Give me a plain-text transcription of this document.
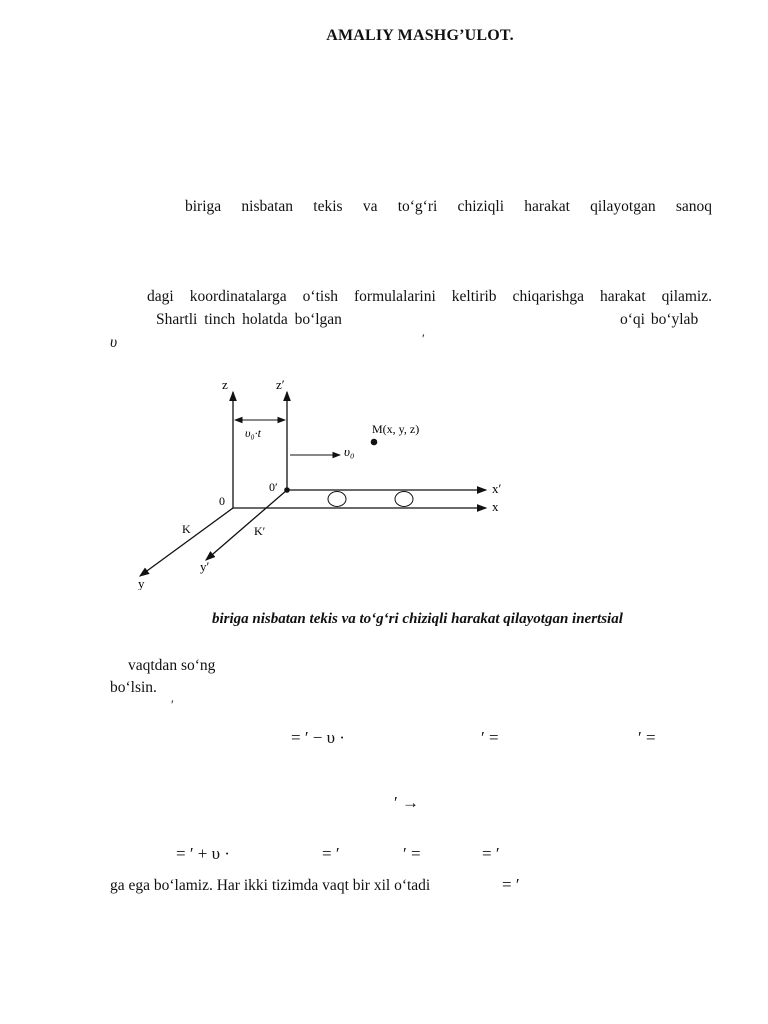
AMALIY MASHG’ULOT.
biriga nisbatan tekis va to‘g‘ri chiziqli harakat qilayotgan sanoq
dagi koordinatalarga o‘tish formulalarini keltirib chiqarishga harakat qilamiz.
Shartli tinch holatda bo‘lgan
′
o‘qi bo‘ylab
υ
z	z′
υ₀·t	M(x, y, z)
υ₀
x′
x
0
0′
K	K′
y
y′
biriga nisbatan tekis va to‘g‘ri chiziqli harakat qilayotgan inertsial
vaqtdan so‘ng
bo‘lsin.
′
= ′ − υ ·	′ =	′ =
′ →
= ′ + υ ·	= ′	′ =	= ′
ga ega bo‘lamiz. Har ikki tizimda vaqt bir xil o‘tadi	= ′
